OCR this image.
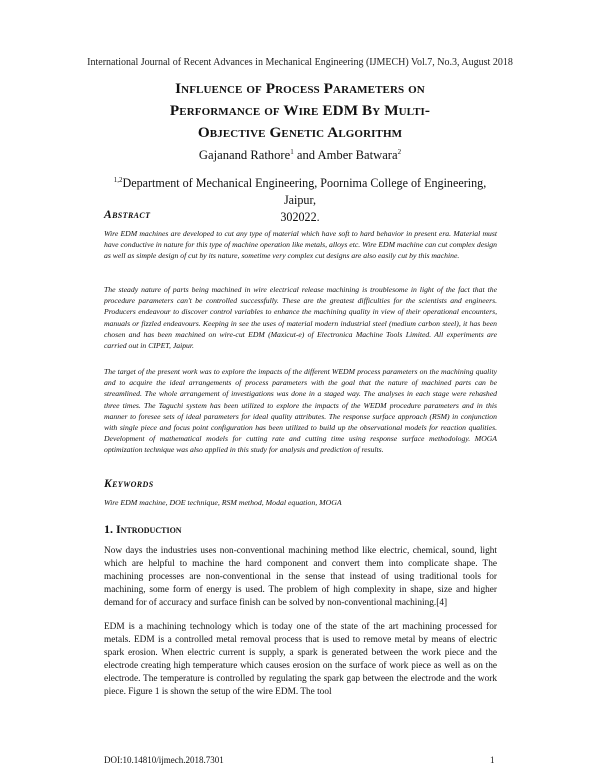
International Journal of Recent Advances in Mechanical Engineering (IJMECH) Vol.7, No.3, August 2018
Influence of Process Parameters on
Performance of Wire EDM By Multi-
Objective Genetic Algorithm
Gajanand Rathore$^1$ and Amber Batwara$^2$
$^{1,2}$Department of Mechanical Engineering, Poornima College of Engineering, Jaipur,
302022.
Abstract

Wire EDM machines are developed to cut any type of material which have soft to hard behavior in present era. Material must have conductive in nature for this type of machine operation like metals, alloys etc. Wire EDM machine can cut complex design as well as simple design of cut by its nature, sometime very complex cut designs are also easily cut by this machine.

The steady nature of parts being machined in wire electrical release machining is troublesome in light of the fact that the procedure parameters can't be controlled successfully. These are the greatest difficulties for the scientists and engineers. Producers endeavour to discover control variables to enhance the machining quality in view of their operational encounters, manuals or fizzled endeavours. Keeping in see the uses of material modern industrial steel (medium carbon steel), it has been chosen and has been machined on wire-cut EDM (Maxicut-e) of Electronica Machine Tools Limited. All experiments are carried out in CIPET, Jaipur.

The target of the present work was to explore the impacts of the different WEDM process parameters on the machining quality and to acquire the ideal arrangements of process parameters with the goal that the nature of machined parts can be streamlined. The whole arrangement of investigations was done in a staged way. The analyses in each stage were rehashed three times. The Taguchi system has been utilized to explore the impacts of the WEDM procedure parameters and in this manner to foresee sets of ideal parameters for ideal quality attributes. The response surface approach (RSM) in conjunction with single piece and focus point configuration has been utilized to build up the observational models for reaction qualities. Development of mathematical models for cutting rate and cutting time using response surface methodology. MOGA optimization technique was also applied in this study for analysis and prediction of results.

Keywords
Wire EDM machine, DOE technique, RSM method, Modal equation, MOGA
1. Introduction

Now days the industries uses non-conventional machining method like electric, chemical, sound, light which are helpful to machine the hard component and convert them into complicate shape. The machining processes are non-conventional in the sense that instead of using traditional tools for machining, some form of energy is used. The problem of high complexity in shape, size and higher demand for of accuracy and surface finish can be solved by non-conventional machining.[4]

EDM is a machining technology which is today one of the state of the art machining processed for metals. EDM is a controlled metal removal process that is used to remove metal by means of electric spark erosion. When electric current is supply, a spark is generated between the work piece and the electrode creating high temperature which causes erosion on the surface of work piece as well as on the electrode. The temperature is controlled by regulating the spark gap between the electrode and the work piece. Figure 1 is shown the setup of the wire EDM. The tool

DOI:10.14810/ijmech.2018.7301	1
